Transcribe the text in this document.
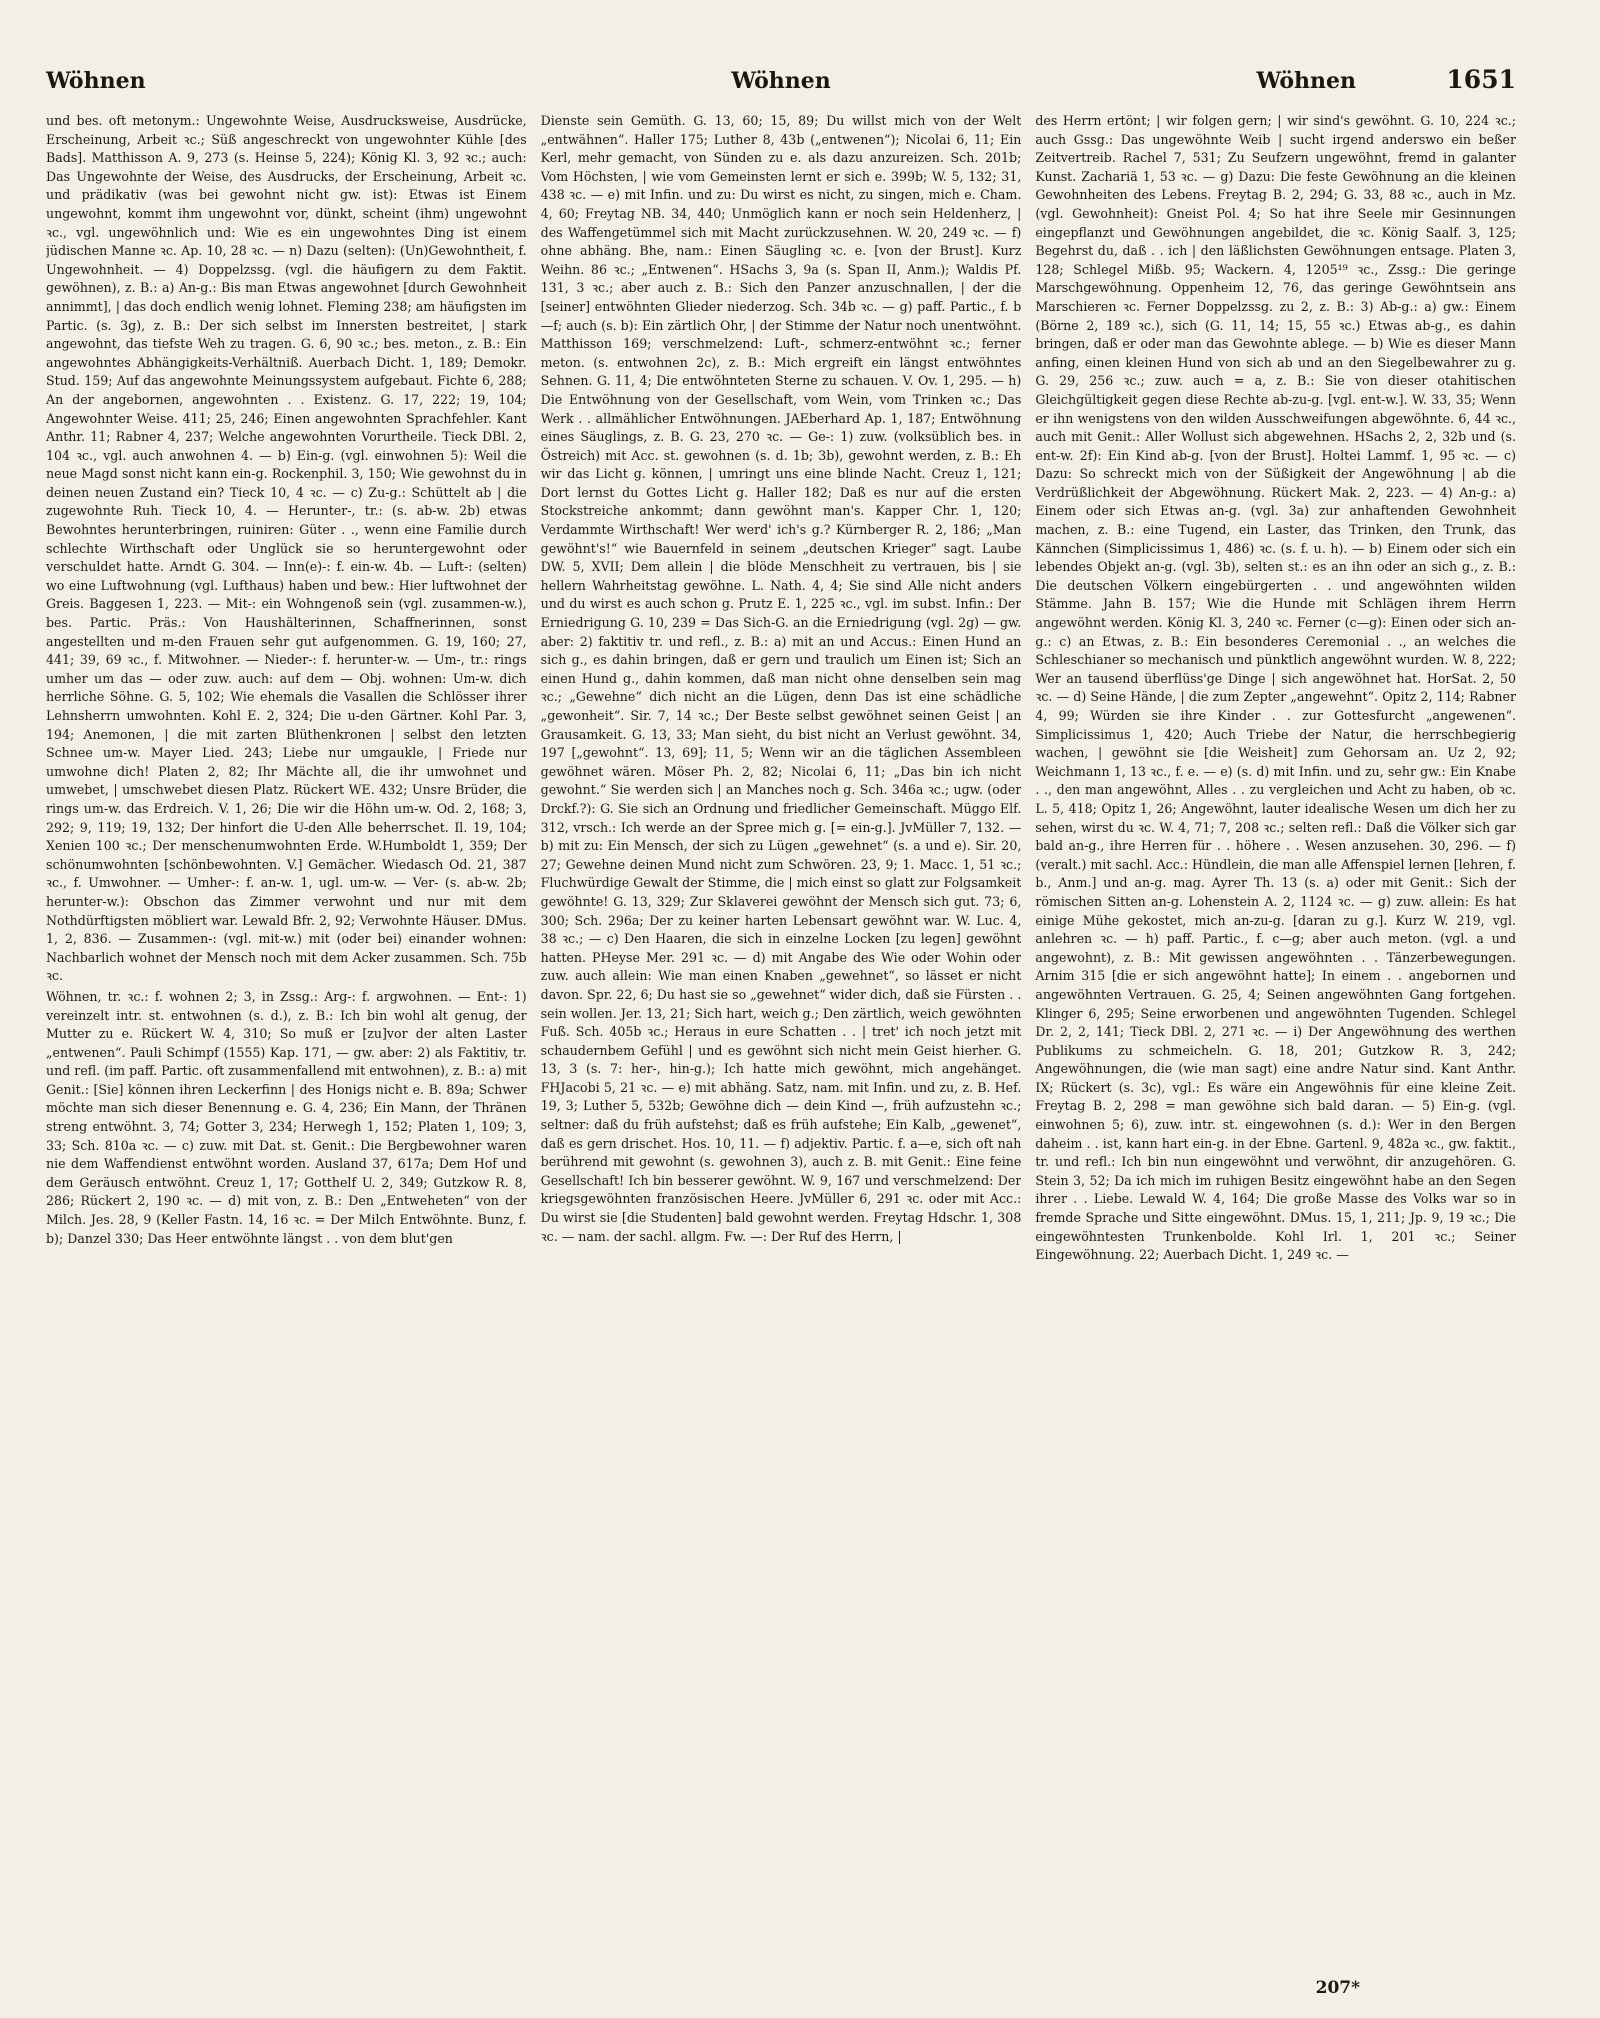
Wöhnen	Wöhnen	Wöhnen	1651

und bes. oft metonym.: Ungewohnte Weise, Ausdrucksweise, Ausdrücke, Erscheinung, Arbeit ꝛc.; Süß angeschreckt von ungewohnter Kühle [des Bads]. Matthisson A. 9, 273 (s. Heinse 5, 224); König Kl. 3, 92 ꝛc.; auch: Das Ungewohnte der Weise, des Ausdrucks, der Erscheinung, Arbeit ꝛc. und prädikativ (was bei gewohnt nicht gw. ist): Etwas ist Einem ungewohnt, kommt ihm ungewohnt vor, dünkt, scheint (ihm) ungewohnt ꝛc., vgl. ungewöhnlich und: Wie es ein ungewohntes Ding ist einem jüdischen Manne ꝛc. Ap. 10, 28 ꝛc. — n) Dazu (selten): (Un)Gewohntheit, f. Ungewohnheit. — 4) Doppelzssg. (vgl. die häufigern zu dem Faktit. gewöhnen), z. B.: a) An-g.: Bis man Etwas angewohnet [durch Gewohnheit annimmt], | das doch endlich wenig lohnet. Fleming 238; am häufigsten im Partic. (s. 3g), z. B.: Der sich selbst im Innersten bestreitet, | stark angewohnt, das tiefste Weh zu tragen. G. 6, 90 ꝛc.; bes. meton., z. B.: Ein angewohntes Abhängigkeits-Verhältniß. Auerbach Dicht. 1, 189; Demokr. Stud. 159; Auf das angewohnte Meinungssystem aufgebaut. Fichte 6, 288; An der angebornen, angewohnten . . Existenz. G. 17, 222; 19, 104; Angewohnter Weise. 411; 25, 246; Einen angewohnten Sprachfehler. Kant Anthr. 11; Rabner 4, 237; Welche angewohnten Vorurtheile. Tieck DBl. 2, 104 ꝛc., vgl. auch anwohnen 4. — b) Ein-g. (vgl. einwohnen 5): Weil die neue Magd sonst nicht kann ein-g. Rockenphil. 3, 150; Wie gewohnst du in deinen neuen Zustand ein? Tieck 10, 4 ꝛc. — c) Zu-g.: Schüttelt ab | die zugewohnte Ruh. Tieck 10, 4. — Herunter-, tr.: (s. ab-w. 2b) etwas Bewohntes herunterbringen, ruiniren: Güter . ., wenn eine Familie durch schlechte Wirthschaft oder Unglück sie so heruntergewohnt oder verschuldet hatte. Arndt G. 304. — Inn(e)-: f. ein-w. 4b. — Luft-: (selten) wo eine Luftwohnung (vgl. Lufthaus) haben und bew.: Hier luftwohnet der Greis. Baggesen 1, 223. — Mit-: ein Wohngenoß sein (vgl. zusammen-w.), bes. Partic. Präs.: Von Haushälterinnen, Schaffnerinnen, sonst angestellten und m-den Frauen sehr gut aufgenommen. G. 19, 160; 27, 441; 39, 69 ꝛc., f. Mitwohner. — Nieder-: f. herunter-w. — Um-, tr.: rings umher um das — oder zuw. auch: auf dem — Obj. wohnen: Um-w. dich herrliche Söhne. G. 5, 102; Wie ehemals die Vasallen die Schlösser ihrer Lehnsherrn umwohnten. Kohl E. 2, 324; Die u-den Gärtner. Kohl Par. 3, 194; Anemonen, | die mit zarten Blüthenkronen | selbst den letzten Schnee um-w. Mayer Lied. 243; Liebe nur umgaukle, | Friede nur umwohne dich! Platen 2, 82; Ihr Mächte all, die ihr umwohnet und umwebet, | umschwebet diesen Platz. Rückert WE. 432; Unsre Brüder, die rings um-w. das Erdreich. V. 1, 26; Die wir die Höhn um-w. Od. 2, 168; 3, 292; 9, 119; 19, 132; Der hinfort die U-den Alle beherrschet. Il. 19, 104; Xenien 100 ꝛc.; Der menschenumwohnten Erde. W.Humboldt 1, 359; Der schönumwohnten [schönbewohnten. V.] Gemächer. Wiedasch Od. 21, 387 ꝛc., f. Umwohner. — Umher-: f. an-w. 1, ugl. um-w. — Ver- (s. ab-w. 2b; herunter-w.): Obschon das Zimmer verwohnt und nur mit dem Nothdürftigsten möbliert war. Lewald Bfr. 2, 92; Verwohnte Häuser. DMus. 1, 2, 836. — Zusammen-: (vgl. mit-w.) mit (oder bei) einander wohnen: Nachbarlich wohnet der Mensch noch mit dem Acker zusammen. Sch. 75b ꝛc.

Wöhnen, tr. ꝛc.: f. wohnen 2; 3, in Zssg.: Arg-: f. argwohnen. — Ent-: 1) vereinzelt intr. st. entwohnen (s. d.), z. B.: Ich bin wohl alt genug, der Mutter zu e. Rückert W. 4, 310; So muß er [zu]vor der alten Laster „entwenen“. Pauli Schimpf (1555) Kap. 171, — gw. aber: 2) als Faktitiv, tr. und refl. (im paff. Partic. oft zusammenfallend mit entwohnen), z. B.: a) mit Genit.: [Sie] können ihren Leckerfinn | des Honigs nicht e. B. 89a; Schwer möchte man sich dieser Benennung e. G. 4, 236; Ein Mann, der Thränen streng entwöhnt. 3, 74; Gotter 3, 234; Herwegh 1, 152; Platen 1, 109; 3, 33; Sch. 810a ꝛc. — c) zuw. mit Dat. st. Genit.: Die Bergbewohner waren nie dem Waffendienst entwöhnt worden. Ausland 37, 617a; Dem Hof und dem Geräusch entwöhnt. Creuz 1, 17; Gotthelf U. 2, 349; Gutzkow R. 8, 286; Rückert 2, 190 ꝛc. — d) mit von, z. B.: Den „Entweheten“ von der Milch. Jes. 28, 9 (Keller Fastn. 14, 16 ꝛc. = Der Milch Entwöhnte. Bunz, f. b); Danzel 330; Das Heer entwöhnte längst . . von dem blut'gen

Dienste sein Gemüth. G. 13, 60; 15, 89; Du willst mich von der Welt „entwähnen“. Haller 175; Luther 8, 43b („entwenen“); Nicolai 6, 11; Ein Kerl, mehr gemacht, von Sünden zu e. als dazu anzureizen. Sch. 201b; Vom Höchsten, | wie vom Gemeinsten lernt er sich e. 399b; W. 5, 132; 31, 438 ꝛc. — e) mit Infin. und zu: Du wirst es nicht, zu singen, mich e. Cham. 4, 60; Freytag NB. 34, 440; Unmöglich kann er noch sein Heldenherz, | des Waffengetümmel sich mit Macht zurückzusehnen. W. 20, 249 ꝛc. — f) ohne abhäng. Bhe, nam.: Einen Säugling ꝛc. e. [von der Brust]. Kurz Weihn. 86 ꝛc.; „Entwenen“. HSachs 3, 9a (s. Span II, Anm.); Waldis Pf. 131, 3 ꝛc.; aber auch z. B.: Sich den Panzer anzuschnallen, | der die [seiner] entwöhnten Glieder niederzog. Sch. 34b ꝛc. — g) paff. Partic., f. b—f; auch (s. b): Ein zärtlich Ohr, | der Stimme der Natur noch unentwöhnt. Matthisson 169; verschmelzend: Luft-, schmerz-entwöhnt ꝛc.; ferner meton. (s. entwohnen 2c), z. B.: Mich ergreift ein längst entwöhntes Sehnen. G. 11, 4; Die entwöhnteten Sterne zu schauen. V. Ov. 1, 295. — h) Die Entwöhnung von der Gesellschaft, vom Wein, vom Trinken ꝛc.; Das Werk . . allmählicher Entwöhnungen. JAEberhard Ap. 1, 187; Entwöhnung eines Säuglings, z. B. G. 23, 270 ꝛc. — Ge-: 1) zuw. (volksüblich bes. in Östreich) mit Acc. st. gewohnen (s. d. 1b; 3b), gewohnt werden, z. B.: Eh wir das Licht g. können, | umringt uns eine blinde Nacht. Creuz 1, 121; Dort lernst du Gottes Licht g. Haller 182; Daß es nur auf die ersten Stockstreiche ankommt; dann gewöhnt man's. Kapper Chr. 1, 120; Verdammte Wirthschaft! Wer werd' ich's g.? Kürnberger R. 2, 186; „Man gewöhnt's!“ wie Bauernfeld in seinem „deutschen Krieger“ sagt. Laube DW. 5, XVII; Dem allein | die blöde Menschheit zu vertrauen, bis | sie hellern Wahrheitstag gewöhne. L. Nath. 4, 4; Sie sind Alle nicht anders und du wirst es auch schon g. Prutz E. 1, 225 ꝛc., vgl. im subst. Infin.: Der Erniedrigung G. 10, 239 = Das Sich-G. an die Erniedrigung (vgl. 2g) — gw. aber: 2) faktitiv tr. und refl., z. B.: a) mit an und Accus.: Einen Hund an sich g., es dahin bringen, daß er gern und traulich um Einen ist; Sich an einen Hund g., dahin kommen, daß man nicht ohne denselben sein mag ꝛc.; „Gewehne“ dich nicht an die Lügen, denn Das ist eine schädliche „gewonheit“. Sir. 7, 14 ꝛc.; Der Beste selbst gewöhnet seinen Geist | an Grausamkeit. G. 13, 33; Man sieht, du bist nicht an Verlust gewöhnt. 34, 197 [„gewohnt“. 13, 69]; 11, 5; Wenn wir an die täglichen Assembleen gewöhnet wären. Möser Ph. 2, 82; Nicolai 6, 11; „Das bin ich nicht gewohnt.“ Sie werden sich | an Manches noch g. Sch. 346a ꝛc.; ugw. (oder Drckf.?): G. Sie sich an Ordnung und friedlicher Gemeinschaft. Müggo Elf. 312, vrsch.: Ich werde an der Spree mich g. [= ein-g.]. JvMüller 7, 132. — b) mit zu: Ein Mensch, der sich zu Lügen „gewehnet“ (s. a und e). Sir. 20, 27; Gewehne deinen Mund nicht zum Schwören. 23, 9; 1. Macc. 1, 51 ꝛc.; Fluchwürdige Gewalt der Stimme, die | mich einst so glatt zur Folgsamkeit gewöhnte! G. 13, 329; Zur Sklaverei gewöhnt der Mensch sich gut. 73; 6, 300; Sch. 296a; Der zu keiner harten Lebensart gewöhnt war. W. Luc. 4, 38 ꝛc.; — c) Den Haaren, die sich in einzelne Locken [zu legen] gewöhnt hatten. PHeyse Mer. 291 ꝛc. — d) mit Angabe des Wie oder Wohin oder zuw. auch allein: Wie man einen Knaben „gewehnet“, so lässet er nicht davon. Spr. 22, 6; Du hast sie so „gewehnet“ wider dich, daß sie Fürsten . . sein wollen. Jer. 13, 21; Sich hart, weich g.; Den zärtlich, weich gewöhnten Fuß. Sch. 405b ꝛc.; Heraus in eure Schatten . . | tret' ich noch jetzt mit schaudernbem Gefühl | und es gewöhnt sich nicht mein Geist hierher. G. 13, 3 (s. 7: her-, hin-g.); Ich hatte mich gewöhnt, mich angehänget. FHJacobi 5, 21 ꝛc. — e) mit abhäng. Satz, nam. mit Infin. und zu, z. B. Hef. 19, 3; Luther 5, 532b; Gewöhne dich — dein Kind —, früh aufzustehn ꝛc.; seltner: daß du früh aufstehst; daß es früh aufstehe; Ein Kalb, „gewenet“, daß es gern drischet. Hos. 10, 11. — f) adjektiv. Partic. f. a—e, sich oft nah berührend mit gewohnt (s. gewohnen 3), auch z. B. mit Genit.: Eine feine Gesellschaft! Ich bin besserer gewöhnt. W. 9, 167 und verschmelzend: Der kriegsgewöhnten französischen Heere. JvMüller 6, 291 ꝛc. oder mit Acc.: Du wirst sie [die Studenten] bald gewohnt werden. Freytag Hdschr. 1, 308 ꝛc. — nam. der sachl. allgm. Fw. —: Der Ruf des Herrn, |

des Herrn ertönt; | wir folgen gern; | wir sind's gewöhnt. G. 10, 224 ꝛc.; auch Gssg.: Das ungewöhnte Weib | sucht irgend anderswo ein beßer Zeitvertreib. Rachel 7, 531; Zu Seufzern ungewöhnt, fremd in galanter Kunst. Zachariä 1, 53 ꝛc. — g) Dazu: Die feste Gewöhnung an die kleinen Gewohnheiten des Lebens. Freytag B. 2, 294; G. 33, 88 ꝛc., auch in Mz. (vgl. Gewohnheit): Gneist Pol. 4; So hat ihre Seele mir Gesinnungen eingepflanzt und Gewöhnungen angebildet, die ꝛc. König Saalf. 3, 125; Begehrst du, daß . . ich | den läßlichsten Gewöhnungen entsage. Platen 3, 128; Schlegel Mißb. 95; Wackern. 4, 1205¹⁹ ꝛc., Zssg.: Die geringe Marschgewöhnung. Oppenheim 12, 76, das geringe Gewöhntsein ans Marschieren ꝛc. Ferner Doppelzssg. zu 2, z. B.: 3) Ab-g.: a) gw.: Einem (Börne 2, 189 ꝛc.), sich (G. 11, 14; 15, 55 ꝛc.) Etwas ab-g., es dahin bringen, daß er oder man das Gewohnte ablege. — b) Wie es dieser Mann anfing, einen kleinen Hund von sich ab und an den Siegelbewahrer zu g. G. 29, 256 ꝛc.; zuw. auch = a, z. B.: Sie von dieser otahitischen Gleichgültigkeit gegen diese Rechte ab-zu-g. [vgl. ent-w.]. W. 33, 35; Wenn er ihn wenigstens von den wilden Ausschweifungen abgewöhnte. 6, 44 ꝛc., auch mit Genit.: Aller Wollust sich abgewehnen. HSachs 2, 2, 32b und (s. ent-w. 2f): Ein Kind ab-g. [von der Brust]. Holtei Lammf. 1, 95 ꝛc. — c) Dazu: So schreckt mich von der Süßigkeit der Angewöhnung | ab die Verdrüßlichkeit der Abgewöhnung. Rückert Mak. 2, 223. — 4) An-g.: a) Einem oder sich Etwas an-g. (vgl. 3a) zur anhaftenden Gewohnheit machen, z. B.: eine Tugend, ein Laster, das Trinken, den Trunk, das Kännchen (Simplicissimus 1, 486) ꝛc. (s. f. u. h). — b) Einem oder sich ein lebendes Objekt an-g. (vgl. 3b), selten st.: es an ihn oder an sich g., z. B.: Die deutschen Völkern eingebürgerten . . und angewöhnten wilden Stämme. Jahn B. 157; Wie die Hunde mit Schlägen ihrem Herrn angewöhnt werden. König Kl. 3, 240 ꝛc. Ferner (c—g): Einen oder sich an-g.: c) an Etwas, z. B.: Ein besonderes Ceremonial . ., an welches die Schleschianer so mechanisch und pünktlich angewöhnt wurden. W. 8, 222; Wer an tausend überflüss'ge Dinge | sich angewöhnet hat. HorSat. 2, 50 ꝛc. — d) Seine Hände, | die zum Zepter „angewehnt“. Opitz 2, 114; Rabner 4, 99; Würden sie ihre Kinder . . zur Gottesfurcht „angewenen“. Simplicissimus 1, 420; Auch Triebe der Natur, die herrschbegierig wachen, | gewöhnt sie [die Weisheit] zum Gehorsam an. Uz 2, 92; Weichmann 1, 13 ꝛc., f. e. — e) (s. d) mit Infin. und zu, sehr gw.: Ein Knabe . ., den man angewöhnt, Alles . . zu vergleichen und Acht zu haben, ob ꝛc. L. 5, 418; Opitz 1, 26; Angewöhnt, lauter idealische Wesen um dich her zu sehen, wirst du ꝛc. W. 4, 71; 7, 208 ꝛc.; selten refl.: Daß die Völker sich gar bald an-g., ihre Herren für . . höhere . . Wesen anzusehen. 30, 296. — f) (veralt.) mit sachl. Acc.: Hündlein, die man alle Affenspiel lernen [lehren, f. b., Anm.] und an-g. mag. Ayrer Th. 13 (s. a) oder mit Genit.: Sich der römischen Sitten an-g. Lohenstein A. 2, 1124 ꝛc. — g) zuw. allein: Es hat einige Mühe gekostet, mich an-zu-g. [daran zu g.]. Kurz W. 219, vgl. anlehren ꝛc. — h) paff. Partic., f. c—g; aber auch meton. (vgl. a und angewohnt), z. B.: Mit gewissen angewöhnten . . Tänzerbewegungen. Arnim 315 [die er sich angewöhnt hatte]; In einem . . angebornen und angewöhnten Vertrauen. G. 25, 4; Seinen angewöhnten Gang fortgehen. Klinger 6, 295; Seine erworbenen und angewöhnten Tugenden. Schlegel Dr. 2, 2, 141; Tieck DBl. 2, 271 ꝛc. — i) Der Angewöhnung des werthen Publikums zu schmeicheln. G. 18, 201; Gutzkow R. 3, 242; Angewöhnungen, die (wie man sagt) eine andre Natur sind. Kant Anthr. IX; Rückert (s. 3c), vgl.: Es wäre ein Angewöhnis für eine kleine Zeit. Freytag B. 2, 298 = man gewöhne sich bald daran. — 5) Ein-g. (vgl. einwohnen 5; 6), zuw. intr. st. eingewohnen (s. d.): Wer in den Bergen daheim . . ist, kann hart ein-g. in der Ebne. Gartenl. 9, 482a ꝛc., gw. faktit., tr. und refl.: Ich bin nun eingewöhnt und verwöhnt, dir anzugehören. G. Stein 3, 52; Da ich mich im ruhigen Besitz eingewöhnt habe an den Segen ihrer . . Liebe. Lewald W. 4, 164; Die große Masse des Volks war so in fremde Sprache und Sitte eingewöhnt. DMus. 15, 1, 211; Jp. 9, 19 ꝛc.; Die eingewöhntesten Trunkenbolde. Kohl Irl. 1, 201 ꝛc.; Seiner Eingewöhnung. 22; Auerbach Dicht. 1, 249 ꝛc. —

207*
